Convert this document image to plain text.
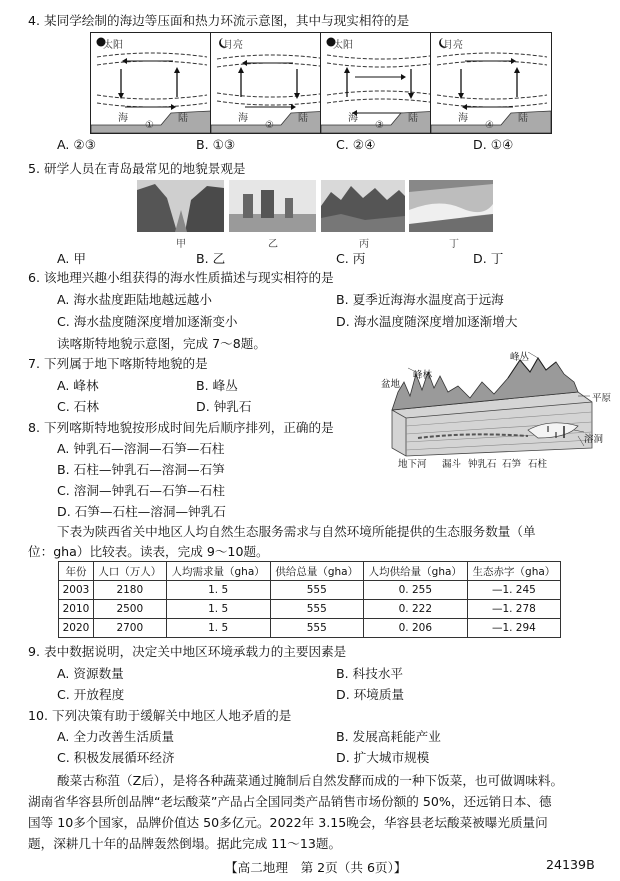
4. 某同学绘制的海边等压面和热力环流示意图，其中与现实相符的是
太阳	月亮	太阳	月亮
海	陆	海	陆	海	陆	海	陆
①	②	③	④
A. ②③	B. ①③	C. ②④	D. ①④
5. 研学人员在青岛最常见的地貌景观是
甲	乙	丙	丁
A. 甲	B. 乙	C. 丙	D. 丁
6. 该地理兴趣小组获得的海水性质描述与现实相符的是
A. 海水盐度距陆地越远越小	B. 夏季近海海水温度高于远海
C. 海水盐度随深度增加逐渐变小	D. 海水温度随深度增加逐渐增大
读喀斯特地貌示意图，完成 7～8题。
7. 下列属于地下喀斯特地貌的是
A. 峰林	B. 峰丛
C. 石林	D. 钟乳石
8. 下列喀斯特地貌按形成时间先后顺序排列，正确的是
A. 钟乳石—溶洞—石笋—石柱
B. 石柱—钟乳石—溶洞—石笋
C. 溶洞—钟乳石—石笋—石柱
D. 石笋—石柱—溶洞—钟乳石
峰丛
峰林
盆地
平原
溶洞
地下河 漏斗 钟乳石 石笋 石柱
下表为陕西省关中地区人均自然生态服务需求与自然环境所能提供的生态服务数量（单
位：gha）比较表。读表，完成 9～10题。
年份	人口（万人）	人均需求量（gha）	供给总量（gha）	人均供给量（gha）	生态赤字（gha）
2003	2180	1. 5	555	0. 255	—1. 245
2010	2500	1. 5	555	0. 222	—1. 278
2020	2700	1. 5	555	0. 206	—1. 294
9. 表中数据说明，决定关中地区环境承载力的主要因素是
A. 资源数量	B. 科技水平
C. 开放程度	D. 环境质量
10. 下列决策有助于缓解关中地区人地矛盾的是
A. 全力改善生活质量	B. 发展高耗能产业
C. 积极发展循环经济	D. 扩大城市规模
酸菜古称菹（Z后），是将各种蔬菜通过腌制后自然发酵而成的一种下饭菜，也可做调味料。
湖南省华容县所创品牌“老坛酸菜”产品占全国同类产品销售市场份额的 50%，还远销日本、德
国等 10多个国家，品牌价值达 50多亿元。2022年 3.15晚会，华容县老坛酸菜被曝光质量问
题，深耕几十年的品牌轰然倒塌。据此完成 11～13题。
【高二地理　第 2页（共 6页）】	24139B
